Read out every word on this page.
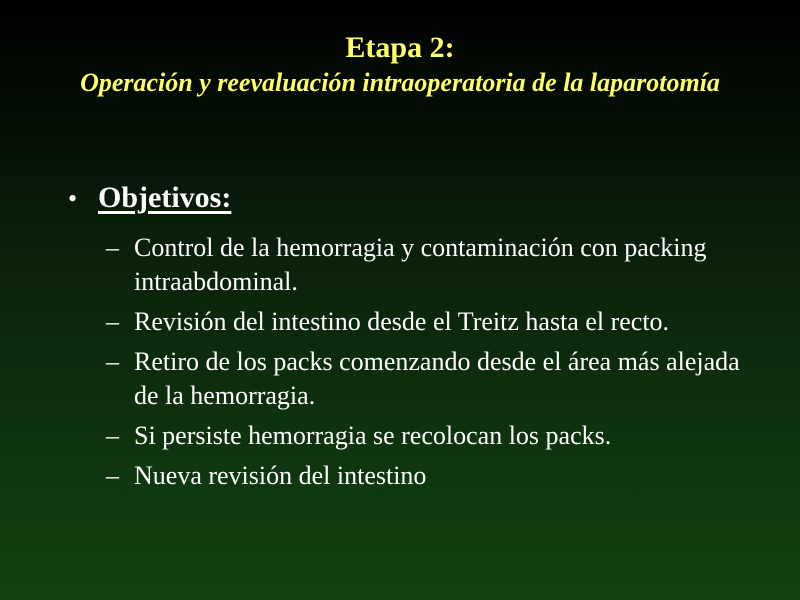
Etapa 2:
Operación y reevaluación intraoperatoria de la laparotomía
• Objetivos:
– Control de la hemorragia y contaminación con packing intraabdominal.
– Revisión del intestino desde el Treitz hasta el recto.
– Retiro de los packs comenzando desde el área más alejada de la hemorragia.
– Si persiste hemorragia se recolocan los packs.
– Nueva revisión del intestino
